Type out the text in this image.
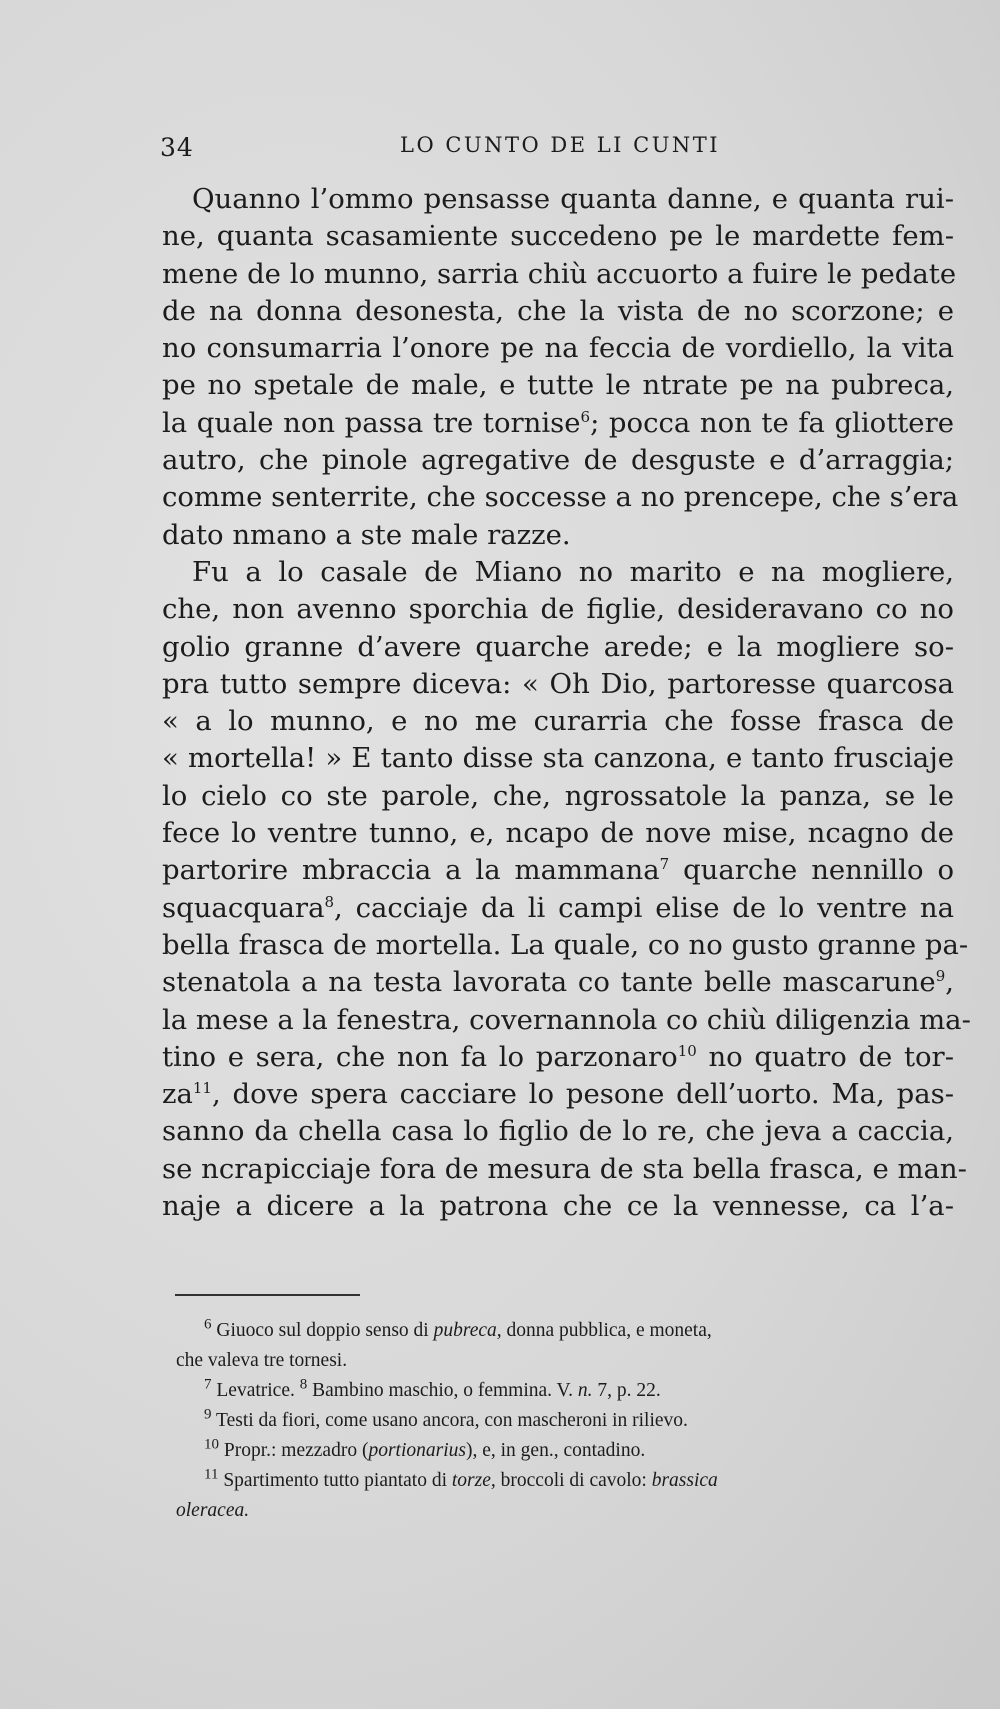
34	LO CUNTO DE LI CUNTI
Quanno l’ommo pensasse quanta danne, e quanta rui-
ne, quanta scasamiente succedeno pe le mardette fem-
mene de lo munno, sarria chiù accuorto a fuire le pedate
de na donna desonesta, che la vista de no scorzone; e
no consumarria l’onore pe na feccia de vordiello, la vita
pe no spetale de male, e tutte le ntrate pe na pubreca,
la quale non passa tre tornise$^6$; pocca non te fa gliottere
autro, che pinole agregative de desguste e d’arraggia;
comme senterrite, che soccesse a no prencepe, che s’era
dato nmano a ste male razze.
Fu a lo casale de Miano no marito e na mogliere,
che, non avenno sporchia de figlie, desideravano co no
golio granne d’avere quarche arede; e la mogliere so-
pra tutto sempre diceva: « Oh Dio, partoresse quarcosa
« a lo munno, e no me curarria che fosse frasca de
« mortella! » E tanto disse sta canzona, e tanto frusciaje
lo cielo co ste parole, che, ngrossatole la panza, se le
fece lo ventre tunno, e, ncapo de nove mise, ncagno de
partorire mbraccia a la mammana$^7$ quarche nennillo o
squacquara$^8$, cacciaje da li campi elise de lo ventre na
bella frasca de mortella. La quale, co no gusto granne pa-
stenatola a na testa lavorata co tante belle mascarune$^9$,
la mese a la fenestra, covernannola co chiù diligenzia ma-
tino e sera, che non fa lo parzonaro$^{10}$ no quatro de tor-
$za^{11}$, dove spera cacciare lo pesone dell’uorto. Ma, pas-
sanno da chella casa lo figlio de lo re, che jeva a caccia,
se ncrapicciaje fora de mesura de sta bella frasca, e man-
naje a dicere a la patrona che ce la vennesse, ca l’a-
$^6$ Giuoco sul doppio senso di pubreca, donna pubblica, e moneta,
che valeva tre tornesi.
$^7$ Levatrice. $^8$ Bambino maschio, o femmina. V. n. 7, p. 22.
$^9$ Testi da fiori, come usano ancora, con mascheroni in rilievo.
$^{10}$ Propr.: mezzadro (portionarius), e, in gen., contadino.
$^{11}$ Spartimento tutto piantato di torze, broccoli di cavolo: brassica
oleracea.
